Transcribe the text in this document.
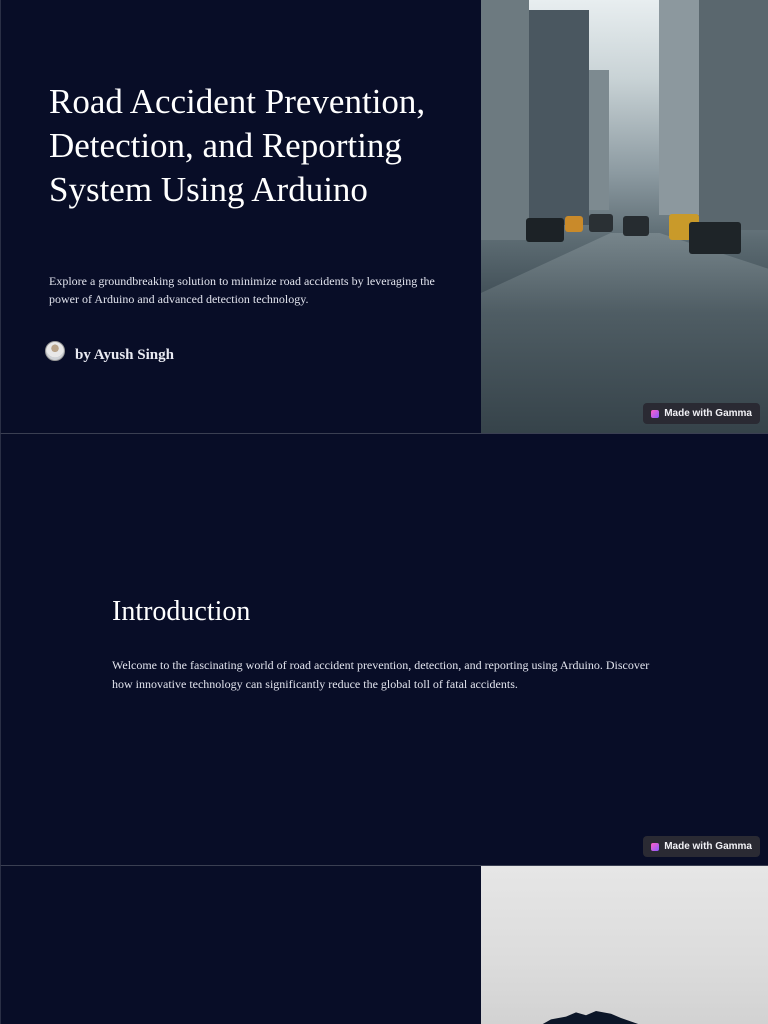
Road Accident Prevention, Detection, and Reporting System Using Arduino

Explore a groundbreaking solution to minimize road accidents by leveraging the power of Arduino and advanced detection technology.

by Ayush Singh
Made with Gamma
Introduction

Welcome to the fascinating world of road accident prevention, detection, and reporting using Arduino. Discover how innovative technology can significantly reduce the global toll of fatal accidents.

Made with Gamma
